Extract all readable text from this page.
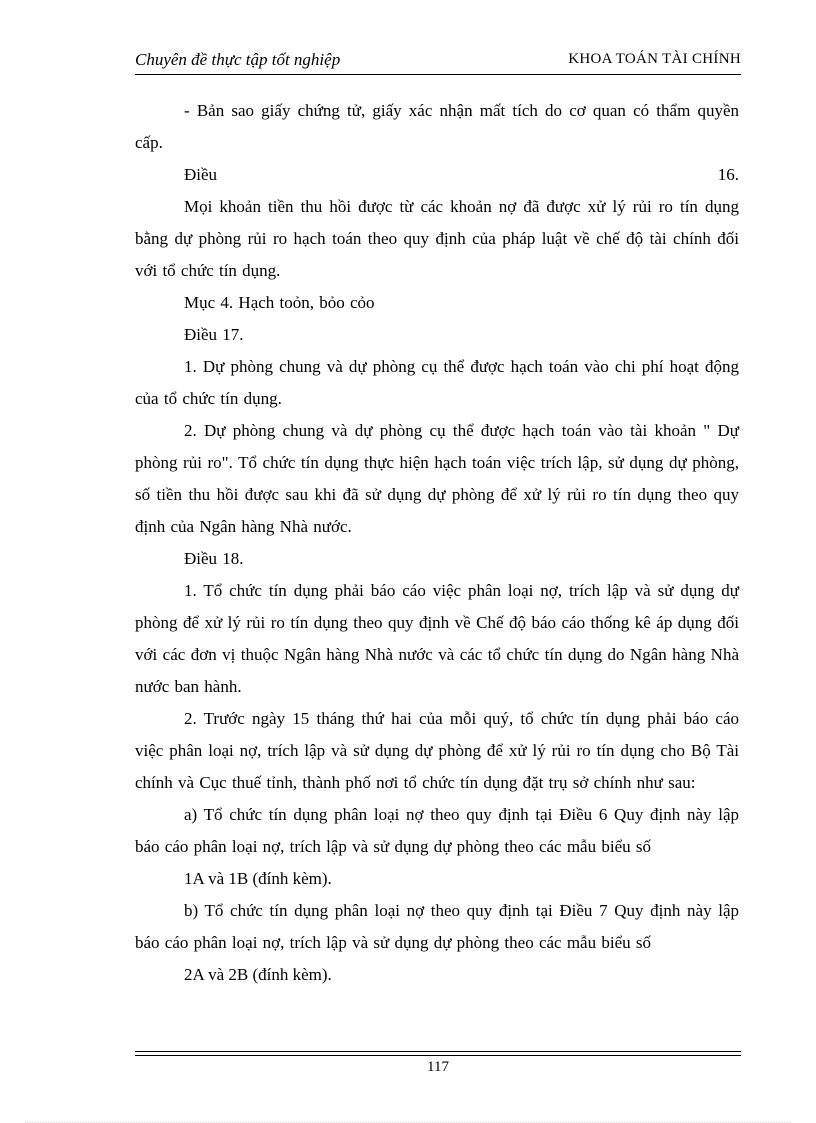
Chuyên đề thực tập tốt nghiệp	KHOA TOÁN TÀI CHÍNH

- Bản sao giấy chứng tử, giấy xác nhận mất tích do cơ quan có thẩm quyền cấp.

Điều	16.

Mọi khoản tiền thu hồi được từ các khoản nợ đã được xử lý rủi ro tín dụng bằng dự phòng rủi ro hạch toán theo quy định của pháp luật về chế độ tài chính đối với tổ chức tín dụng.

Mục 4. Hạch toỏn, bỏo cỏo

Điều 17.

1. Dự phòng chung và dự phòng cụ thể được hạch toán vào chi phí hoạt động của tổ chức tín dụng.

2. Dự phòng chung và dự phòng cụ thể được hạch toán vào tài khoản " Dự phòng rủi ro". Tổ chức tín dụng thực hiện hạch toán việc trích lập, sử dụng dự phòng, số tiền thu hồi được sau khi đã sử dụng dự phòng để xử lý rủi ro tín dụng theo quy định của Ngân hàng Nhà nước.

Điều 18.

1. Tổ chức tín dụng phải báo cáo việc phân loại nợ, trích lập và sử dụng dự phòng để xử lý rủi ro tín dụng theo quy định về Chế độ báo cáo thống kê áp dụng đối với các đơn vị thuộc Ngân hàng Nhà nước và các tổ chức tín dụng do Ngân hàng Nhà nước ban hành.

2. Trước ngày 15 tháng thứ hai của mỗi quý, tổ chức tín dụng phải báo cáo việc phân loại nợ, trích lập và sử dụng dự phòng để xử lý rủi ro tín dụng cho Bộ Tài chính và Cục thuế tỉnh, thành phố nơi tổ chức tín dụng đặt trụ sở chính như sau:

a) Tổ chức tín dụng phân loại nợ theo quy định tại Điều 6 Quy định này lập báo cáo phân loại nợ, trích lập và sử dụng dự phòng theo các mẫu biểu số

1A và 1B (đính kèm).

b) Tổ chức tín dụng phân loại nợ theo quy định tại Điều 7 Quy định này lập báo cáo phân loại nợ, trích lập và sử dụng dự phòng theo các mẫu biểu số

2A và 2B (đính kèm).

117
